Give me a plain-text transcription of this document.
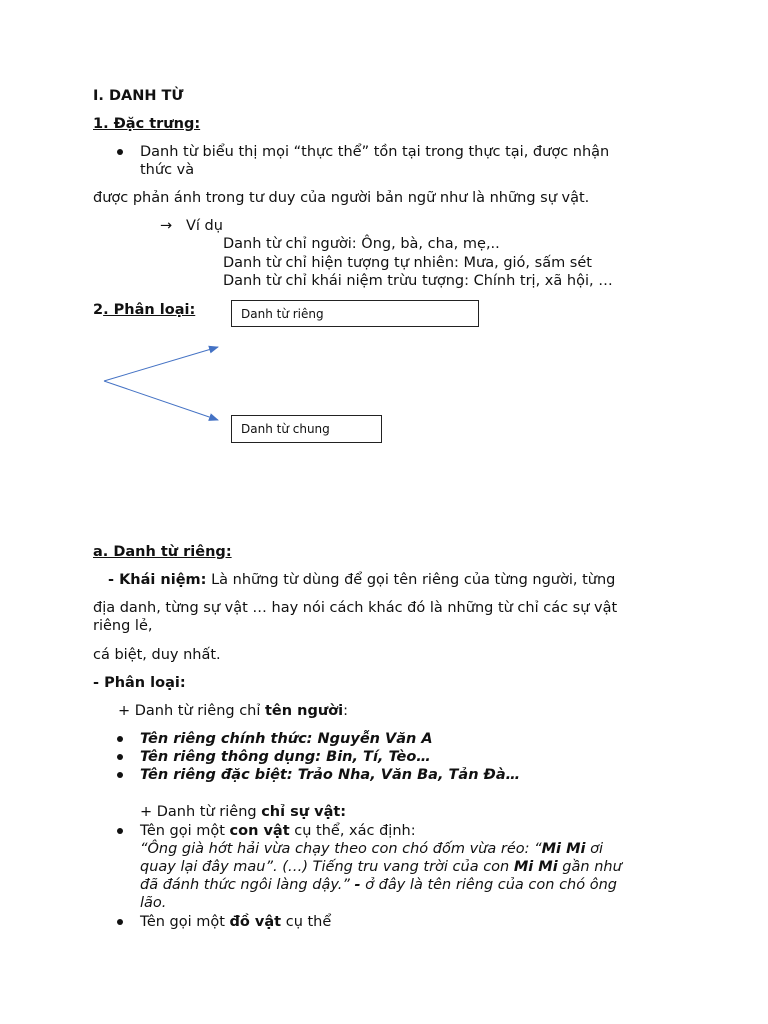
I. DANH TỪ
1. Đặc trưng:
Danh từ biểu thị mọi “thực thể” tồn tại trong thực tại, được nhận
thức và
được phản ánh trong tư duy của người bản ngữ như là những sự vật.
→ Ví dụ
Danh từ chỉ người: Ông, bà, cha, mẹ,..
Danh từ chỉ hiện tượng tự nhiên: Mưa, gió, sấm sét
Danh từ chỉ khái niệm trừu tượng: Chính trị, xã hội, …
2. Phân loại:	Danh từ riêng
Danh từ chung
a. Danh từ riêng:
- Khái niệm: Là những từ dùng để gọi tên riêng của từng người, từng
địa danh, từng sự vật … hay nói cách khác đó là những từ chỉ các sự vật
riêng lẻ,
cá biệt, duy nhất.
- Phân loại:
+ Danh từ riêng chỉ tên người:
Tên riêng chính thức: Nguyễn Văn A
Tên riêng thông dụng: Bin, Tí, Tèo…
Tên riêng đặc biệt: Trảo Nha, Văn Ba, Tản Đà…
+ Danh từ riêng chỉ sự vật:
Tên gọi một con vật cụ thể, xác định:
“Ông già hớt hải vừa chạy theo con chó đốm vừa réo: “Mi Mi ơi
quay lại đây mau”. (…) Tiếng tru vang trời của con Mi Mi gần như
đã đánh thức ngôi làng dậy.” - ở đây là tên riêng của con chó ông
lão.
Tên gọi một đồ vật cụ thể
